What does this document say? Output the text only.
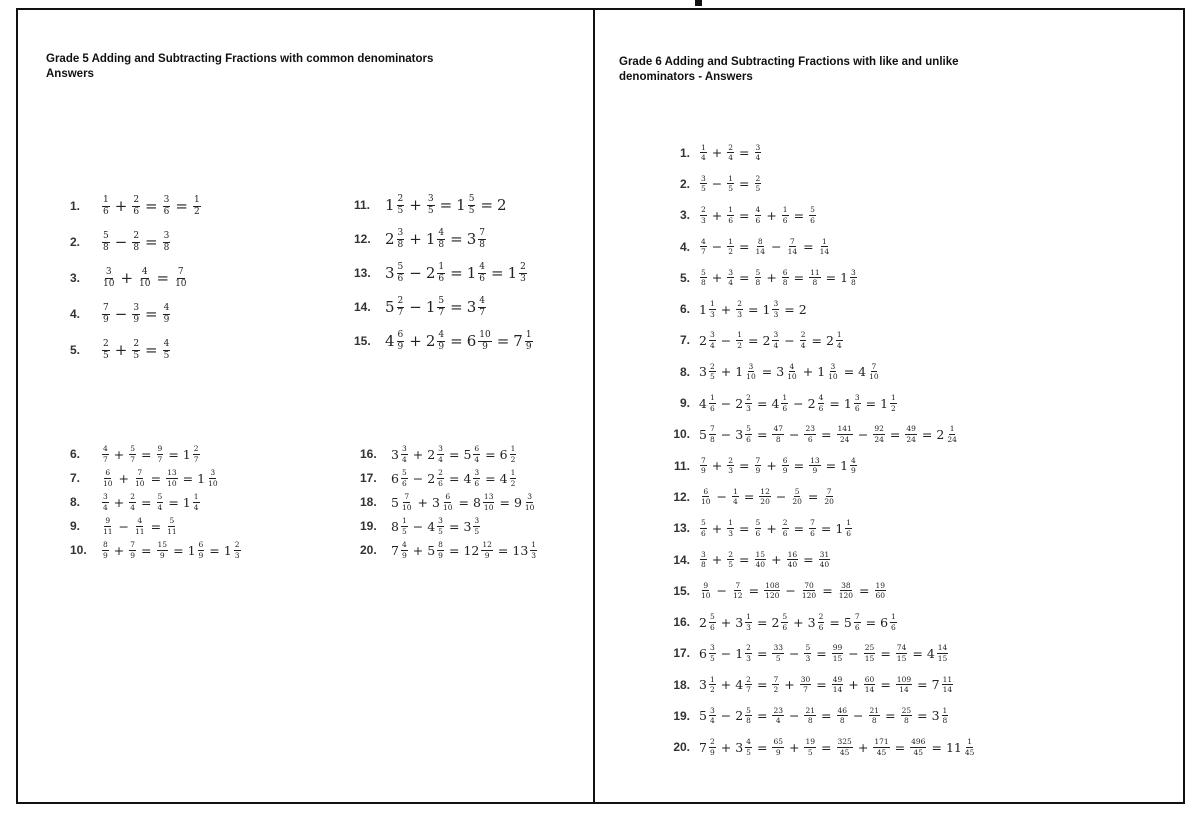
Grade 5 Adding and Subtracting Fractions with common denominators
Answers
Grade 6 Adding and Subtracting Fractions with like and unlike
denominators - Answers
1.	$\frac{1}{6} + \frac{2}{6} = \frac{3}{6} = \frac{1}{2}$
2.	$\frac{5}{8} - \frac{2}{8} = \frac{3}{8}$
3.	$\frac{3}{10} + \frac{4}{10} = \frac{7}{10}$
4.	$\frac{7}{9} - \frac{3}{9} = \frac{4}{9}$
5.	$\frac{2}{5} + \frac{2}{5} = \frac{4}{5}$
11. $1 \frac{2}{5} + \frac{3}{5} = 1 \frac{5}{5} = 2$
12. $2 \frac{3}{8} + 1 \frac{4}{8} = 3 \frac{7}{8}$
13. $3 \frac{5}{6} - 2 \frac{1}{6} = 1 \frac{4}{6} = 1 \frac{2}{3}$
14. $5 \frac{2}{7} - 1 \frac{5}{7} = 3 \frac{4}{7}$
15. $4 \frac{6}{9} + 2 \frac{4}{9} = 6 \frac{10}{9} = 7 \frac{1}{9}$
6.	$\frac{4}{7} + \frac{5}{7} = \frac{9}{7} = 1 \frac{2}{7}$
7.	$\frac{6}{10} + \frac{7}{10} = \frac{13}{10} = 1 \frac{3}{10}$
8.	$\frac{3}{4} + \frac{2}{4} = \frac{5}{4} = 1 \frac{1}{4}$
9.	$\frac{9}{11} - \frac{4}{11} = \frac{5}{11}$
10.	$\frac{8}{9} + \frac{7}{9} = \frac{15}{9} = 1 \frac{6}{9} = 1 \frac{2}{3}$
16.	$3 \frac{3}{4} + 2 \frac{3}{4} = 5 \frac{6}{4} = 6 \frac{1}{2}$
17.	$6 \frac{5}{6} - 2 \frac{2}{6} = 4 \frac{3}{6} = 4 \frac{1}{2}$
18.	$5 \frac{7}{10} + 3 \frac{6}{10} = 8 \frac{13}{10} = 9 \frac{3}{10}$
19.	$8 \frac{1}{5} - 4 \frac{3}{5} = 3 \frac{3}{5}$
20.	$7 \frac{4}{9} + 5 \frac{8}{9} = 12 \frac{12}{9} = 13 \frac{1}{3}$
1. $\frac{1}{4} + \frac{2}{4} = \frac{3}{4}$
2. $\frac{3}{5} - \frac{1}{5} = \frac{2}{5}$
3. $\frac{2}{3} + \frac{1}{6} = \frac{4}{6} + \frac{1}{6} = \frac{5}{6}$
4. $\frac{4}{7} - \frac{1}{2} = \frac{8}{14} - \frac{7}{14} = \frac{1}{14}$
5. $\frac{5}{8} + \frac{3}{4} = \frac{5}{8} + \frac{6}{8} = \frac{11}{8} = 1 \frac{3}{8}$
6. $1 \frac{1}{3} + \frac{2}{3} = 1 \frac{3}{3} = 2$
7. $2 \frac{3}{4} - \frac{1}{2} = 2 \frac{3}{4} - \frac{2}{4} = 2 \frac{1}{4}$
8. $3 \frac{2}{5} + 1 \frac{3}{10} = 3 \frac{4}{10} + 1 \frac{3}{10} = 4 \frac{7}{10}$
9. $4 \frac{1}{6} - 2 \frac{2}{3} = 4 \frac{1}{6} - 2 \frac{4}{6} = 1 \frac{3}{6} = 1 \frac{1}{2}$
10. $5 \frac{7}{8} - 3 \frac{5}{6} = \frac{47}{8} - \frac{23}{6} = \frac{141}{24} - \frac{92}{24} = \frac{49}{24} = 2 \frac{1}{24}$
11. $\frac{7}{9} + \frac{2}{3} = \frac{7}{9} + \frac{6}{9} = \frac{13}{9} = 1 \frac{4}{9}$
12. $\frac{6}{10} - \frac{1}{4} = \frac{12}{20} - \frac{5}{20} = \frac{7}{20}$
13. $\frac{5}{6} + \frac{1}{3} = \frac{5}{6} + \frac{2}{6} = \frac{7}{6} = 1 \frac{1}{6}$
14. $\frac{3}{8} + \frac{2}{5} = \frac{15}{40} + \frac{16}{40} = \frac{31}{40}$
15. $\frac{9}{10} - \frac{7}{12} = \frac{108}{120} - \frac{70}{120} = \frac{38}{120} = \frac{19}{60}$
16. $2 \frac{5}{6} + 3 \frac{1}{3} = 2 \frac{5}{6} + 3 \frac{2}{6} = 5 \frac{7}{6} = 6 \frac{1}{6}$
17. $6 \frac{3}{5} - 1 \frac{2}{3} = \frac{33}{5} - \frac{5}{3} = \frac{99}{15} - \frac{25}{15} = \frac{74}{15} = 4 \frac{14}{15}$
18. $3 \frac{1}{2} + 4 \frac{2}{7} = \frac{7}{2} + \frac{30}{7} = \frac{49}{14} + \frac{60}{14} = \frac{109}{14} = 7 \frac{11}{14}$
19. $5 \frac{3}{4} - 2 \frac{5}{8} = \frac{23}{4} - \frac{21}{8} = \frac{46}{8} - \frac{21}{8} = \frac{25}{8} = 3 \frac{1}{8}$
20. $7 \frac{2}{9} + 3 \frac{4}{5} = \frac{65}{9} + \frac{19}{5} = \frac{325}{45} + \frac{171}{45} = \frac{496}{45} = 11 \frac{1}{45}$
